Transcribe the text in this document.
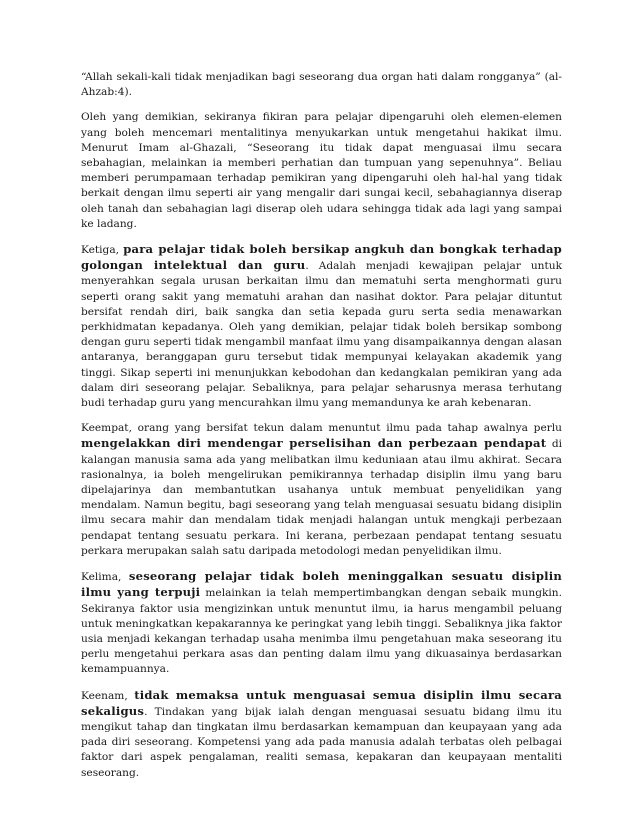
“Allah sekali-kali tidak menjadikan bagi seseorang dua organ hati dalam rongganya” (al-Ahzab:4).

Oleh yang demikian, sekiranya fikiran para pelajar dipengaruhi oleh elemen-elemen yang boleh mencemari mentalitinya menyukarkan untuk mengetahui hakikat ilmu. Menurut Imam al-Ghazali, “Seseorang itu tidak dapat menguasai ilmu secara sebahagian, melainkan ia memberi perhatian dan tumpuan yang sepenuhnya”. Beliau memberi perumpamaan terhadap pemikiran yang dipengaruhi oleh hal-hal yang tidak berkait dengan ilmu seperti air yang mengalir dari sungai kecil, sebahagiannya diserap oleh tanah dan sebahagian lagi diserap oleh udara sehingga tidak ada lagi yang sampai ke ladang.

Ketiga, para pelajar tidak boleh bersikap angkuh dan bongkak terhadap golongan intelektual dan guru. Adalah menjadi kewajipan pelajar untuk menyerahkan segala urusan berkaitan ilmu dan mematuhi serta menghormati guru seperti orang sakit yang mematuhi arahan dan nasihat doktor. Para pelajar dituntut bersifat rendah diri, baik sangka dan setia kepada guru serta sedia menawarkan perkhidmatan kepadanya. Oleh yang demikian, pelajar tidak boleh bersikap sombong dengan guru seperti tidak mengambil manfaat ilmu yang disampaikannya dengan alasan antaranya, beranggapan guru tersebut tidak mempunyai kelayakan akademik yang tinggi. Sikap seperti ini menunjukkan kebodohan dan kedangkalan pemikiran yang ada dalam diri seseorang pelajar. Sebaliknya, para pelajar seharusnya merasa terhutang budi terhadap guru yang mencurahkan ilmu yang memandunya ke arah kebenaran.

Keempat, orang yang bersifat tekun dalam menuntut ilmu pada tahap awalnya perlu mengelakkan diri mendengar perselisihan dan perbezaan pendapat di kalangan manusia sama ada yang melibatkan ilmu keduniaan atau ilmu akhirat. Secara rasionalnya, ia boleh mengelirukan pemikirannya terhadap disiplin ilmu yang baru dipelajarinya dan membantutkan usahanya untuk membuat penyelidikan yang mendalam. Namun begitu, bagi seseorang yang telah menguasai sesuatu bidang disiplin ilmu secara mahir dan mendalam tidak menjadi halangan untuk mengkaji perbezaan pendapat tentang sesuatu perkara. Ini kerana, perbezaan pendapat tentang sesuatu perkara merupakan salah satu daripada metodologi medan penyelidikan ilmu.

Kelima, seseorang pelajar tidak boleh meninggalkan sesuatu disiplin ilmu yang terpuji melainkan ia telah mempertimbangkan dengan sebaik mungkin. Sekiranya faktor usia mengizinkan untuk menuntut ilmu, ia harus mengambil peluang untuk meningkatkan kepakarannya ke peringkat yang lebih tinggi. Sebaliknya jika faktor usia menjadi kekangan terhadap usaha menimba ilmu pengetahuan maka seseorang itu perlu mengetahui perkara asas dan penting dalam ilmu yang dikuasainya berdasarkan kemampuannya.

Keenam, tidak memaksa untuk menguasai semua disiplin ilmu secara sekaligus. Tindakan yang bijak ialah dengan menguasai sesuatu bidang ilmu itu mengikut tahap dan tingkatan ilmu berdasarkan kemampuan dan keupayaan yang ada pada diri seseorang. Kompetensi yang ada pada manusia adalah terbatas oleh pelbagai faktor dari aspek pengalaman, realiti semasa, kepakaran dan keupayaan mentaliti seseorang.
